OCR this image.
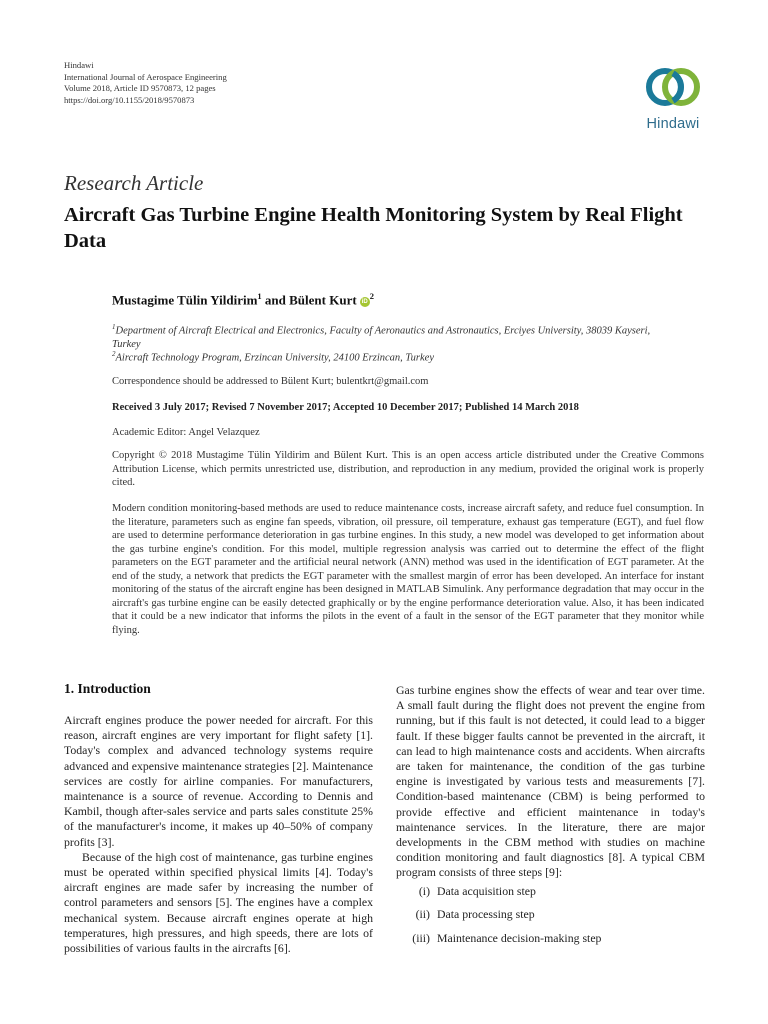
Hindawi
International Journal of Aerospace Engineering
Volume 2018, Article ID 9570873, 12 pages
https://doi.org/10.1155/2018/9570873
Hindawi
Research Article
Aircraft Gas Turbine Engine Health Monitoring System by Real Flight Data
Mustagime Tülin Yildirim$^1$ and Bülent Kurt $iD^2$
$^1$Department of Aircraft Electrical and Electronics, Faculty of Aeronautics and Astronautics, Erciyes University, 38039 Kayseri, Turkey
$^2$Aircraft Technology Program, Erzincan University, 24100 Erzincan, Turkey
Correspondence should be addressed to Bülent Kurt; bulentkrt@gmail.com
Received 3 July 2017; Revised 7 November 2017; Accepted 10 December 2017; Published 14 March 2018
Academic Editor: Angel Velazquez
Copyright © 2018 Mustagime Tülin Yildirim and Bülent Kurt. This is an open access article distributed under the Creative Commons Attribution License, which permits unrestricted use, distribution, and reproduction in any medium, provided the original work is properly cited.
Modern condition monitoring-based methods are used to reduce maintenance costs, increase aircraft safety, and reduce fuel consumption. In the literature, parameters such as engine fan speeds, vibration, oil pressure, oil temperature, exhaust gas temperature (EGT), and fuel flow are used to determine performance deterioration in gas turbine engines. In this study, a new model was developed to get information about the gas turbine engine's condition. For this model, multiple regression analysis was carried out to determine the effect of the flight parameters on the EGT parameter and the artificial neural network (ANN) method was used in the identification of EGT parameter. At the end of the study, a network that predicts the EGT parameter with the smallest margin of error has been developed. An interface for instant monitoring of the status of the aircraft engine has been designed in MATLAB Simulink. Any performance degradation that may occur in the aircraft's gas turbine engine can be easily detected graphically or by the engine performance deterioration value. Also, it has been indicated that it could be a new indicator that informs the pilots in the event of a fault in the sensor of the EGT parameter that they monitor while flying.
1. Introduction

Aircraft engines produce the power needed for aircraft. For this reason, aircraft engines are very important for flight safety [1]. Today's complex and advanced technology systems require advanced and expensive maintenance strategies [2]. Maintenance services are costly for airline companies. For manufacturers, maintenance is a source of revenue. According to Dennis and Kambil, though after-sales service and parts sales constitute 25% of the manufacturer's income, it makes up 40–50% of company profits [3].

Because of the high cost of maintenance, gas turbine engines must be operated within specified physical limits [4]. Today's aircraft engines are made safer by increasing the number of control parameters and sensors [5]. The engines have a complex mechanical system. Because aircraft engines operate at high temperatures, high pressures, and high speeds, there are lots of possibilities of various faults in the aircrafts [6].

Gas turbine engines show the effects of wear and tear over time. A small fault during the flight does not prevent the engine from running, but if this fault is not detected, it could lead to a bigger fault. If these bigger faults cannot be prevented in the aircraft, it can lead to high maintenance costs and accidents. When aircrafts are taken for maintenance, the condition of the gas turbine engine is investigated by various tests and measurements [7]. Condition-based maintenance (CBM) is being performed to provide effective and efficient maintenance in today's maintenance services. In the literature, there are major developments in the CBM method with studies on machine condition monitoring and fault diagnostics [8]. A typical CBM program consists of three steps [9]:

(i) Data acquisition step
(ii) Data processing step
(iii) Maintenance decision-making step
